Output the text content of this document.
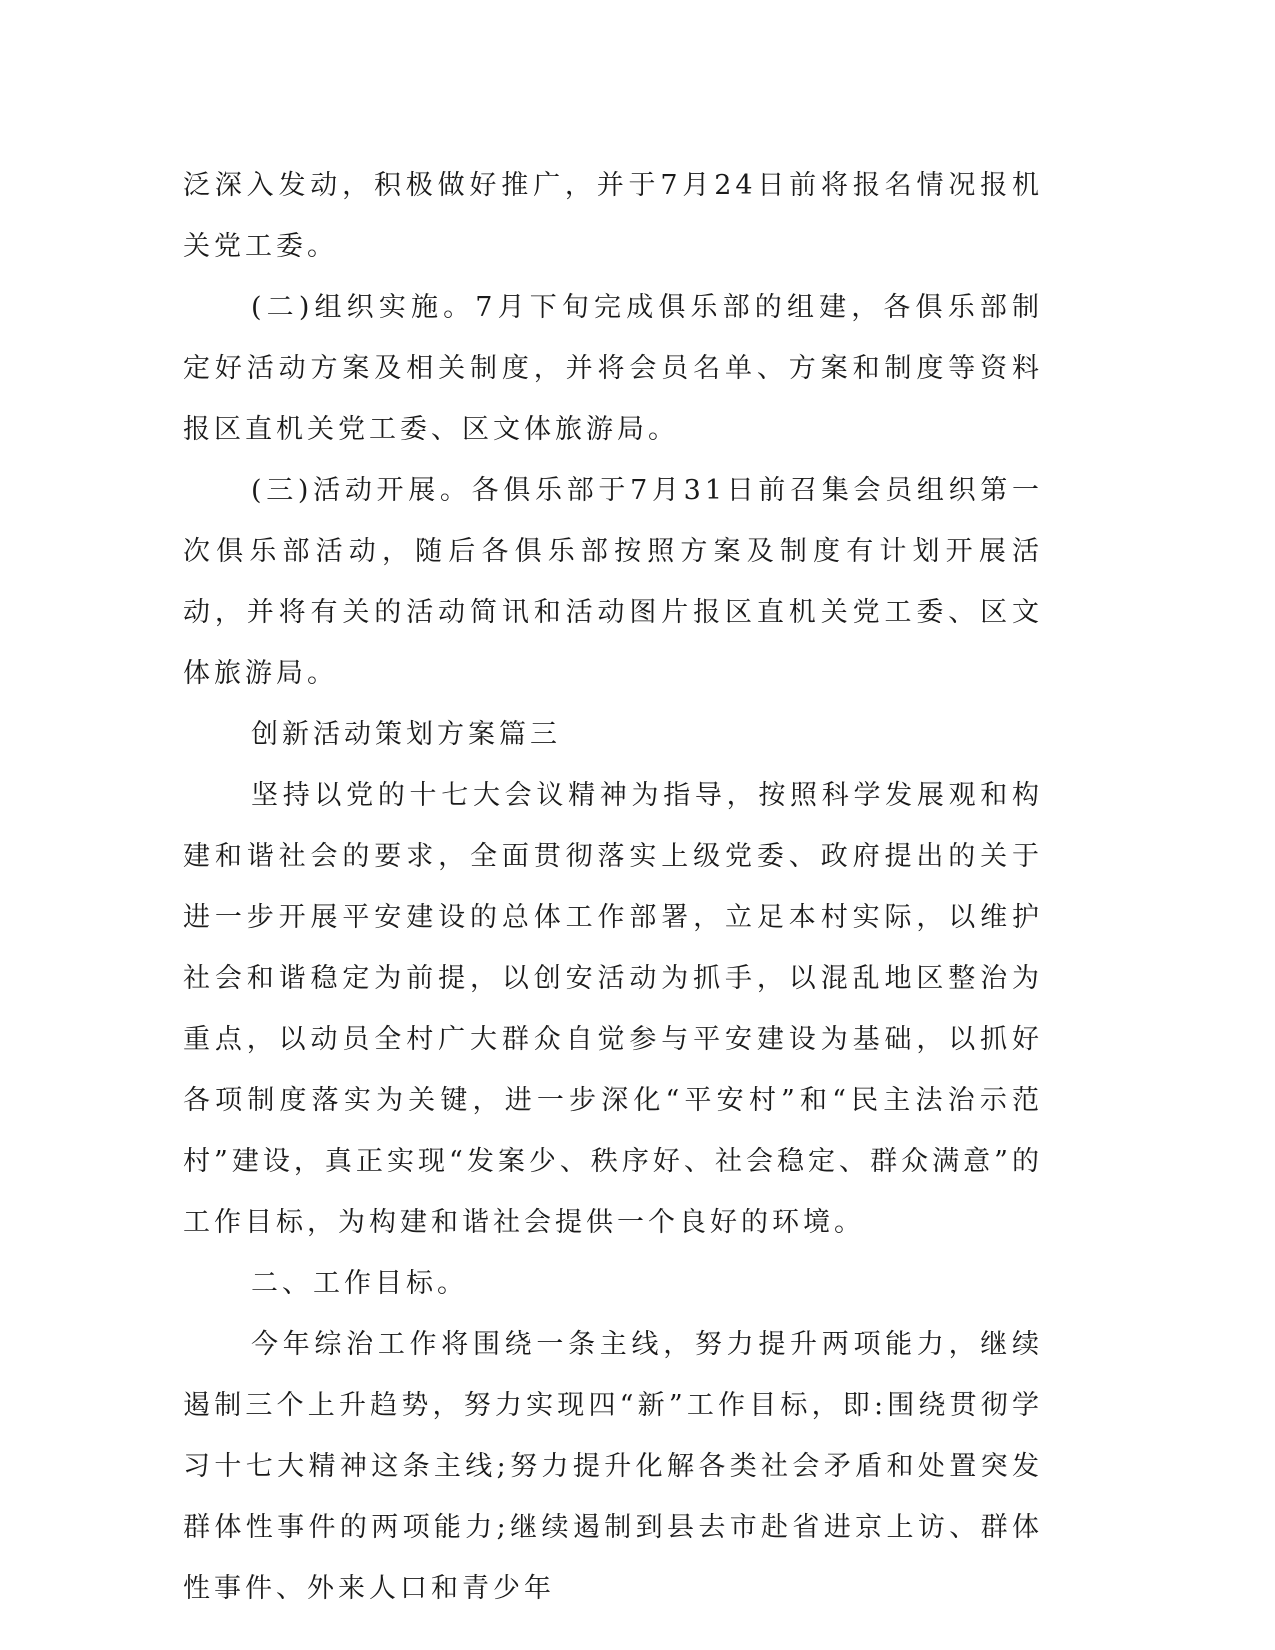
泛深入发动，积极做好推广，并于7月24日前将报名情况报机关党工委。

(二)组织实施。7月下旬完成俱乐部的组建，各俱乐部制定好活动方案及相关制度，并将会员名单、方案和制度等资料报区直机关党工委、区文体旅游局。

(三)活动开展。各俱乐部于7月31日前召集会员组织第一次俱乐部活动，随后各俱乐部按照方案及制度有计划开展活动，并将有关的活动简讯和活动图片报区直机关党工委、区文体旅游局。

创新活动策划方案篇三

坚持以党的十七大会议精神为指导，按照科学发展观和构建和谐社会的要求，全面贯彻落实上级党委、政府提出的关于进一步开展平安建设的总体工作部署，立足本村实际，以维护社会和谐稳定为前提，以创安活动为抓手，以混乱地区整治为重点，以动员全村广大群众自觉参与平安建设为基础，以抓好各项制度落实为关键，进一步深化“平安村”和“民主法治示范村”建设，真正实现“发案少、秩序好、社会稳定、群众满意”的工作目标，为构建和谐社会提供一个良好的环境。

二、工作目标。

今年综治工作将围绕一条主线，努力提升两项能力，继续遏制三个上升趋势，努力实现四“新”工作目标，即:围绕贯彻学习十七大精神这条主线;努力提升化解各类社会矛盾和处置突发群体性事件的两项能力;继续遏制到县去市赴省进京上访、群体性事件、外来人口和青少年
